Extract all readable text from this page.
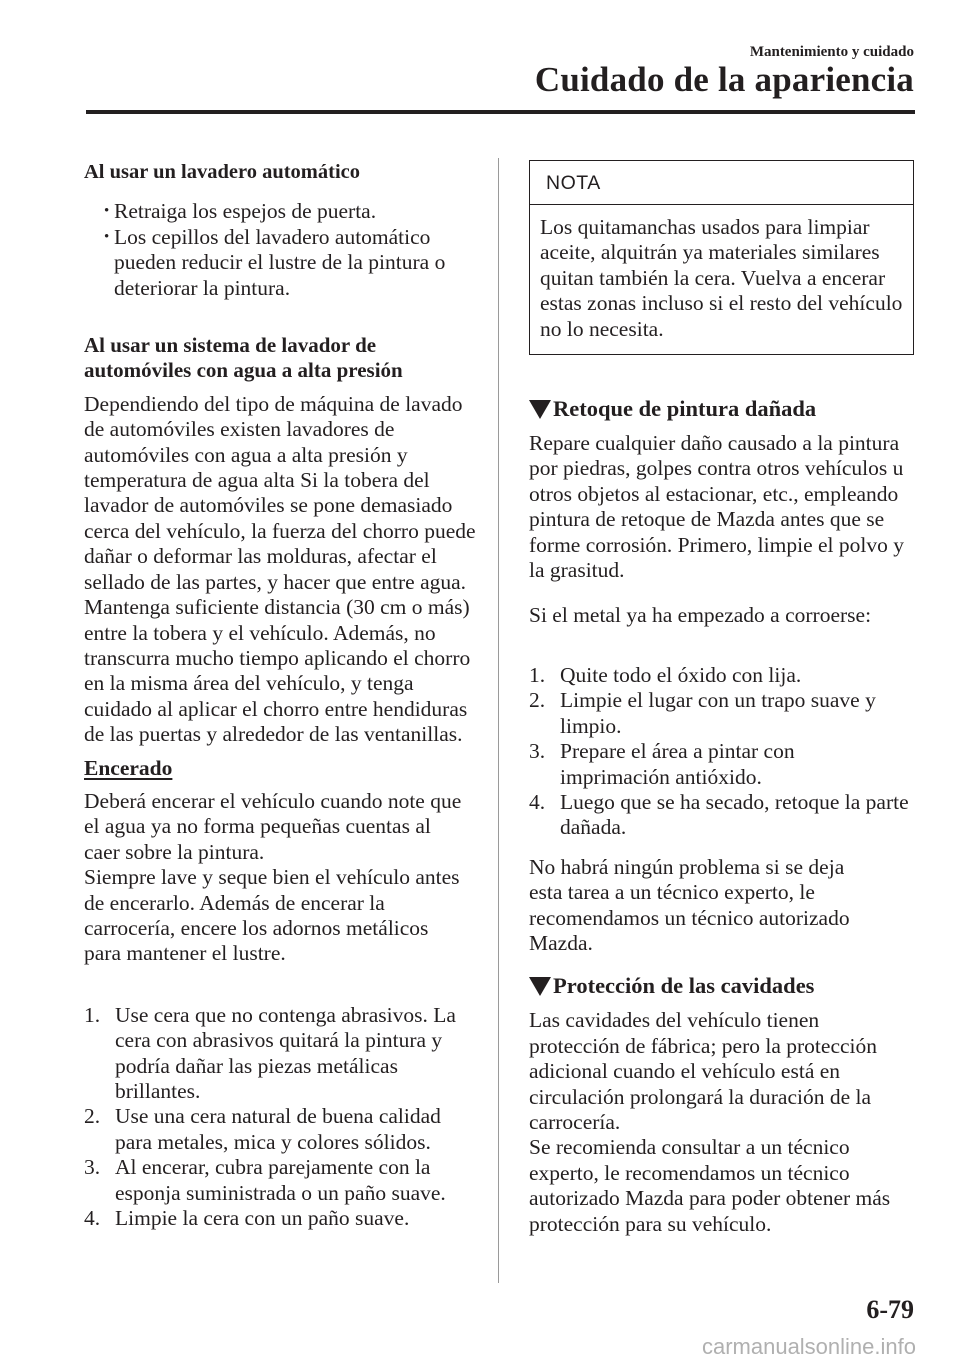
Mantenimiento y cuidado
Cuidado de la apariencia

Al usar un lavadero automático

• Retraiga los espejos de puerta.
• Los cepillos del lavadero automático pueden reducir el lustre de la pintura o deteriorar la pintura.

Al usar un sistema de lavador de

automóviles con agua a alta presión

Dependiendo del tipo de máquina de lavado de automóviles existen lavadores de automóviles con agua a alta presión y temperatura de agua alta Si la tobera del lavador de automóviles se pone demasiado cerca del vehículo, la fuerza del chorro puede dañar o deformar las molduras, afectar el sellado de las partes, y hacer que entre agua. Mantenga suficiente distancia (30 cm o más) entre la tobera y el vehículo. Además, no transcurra mucho tiempo aplicando el chorro en la misma área del vehículo, y tenga cuidado al aplicar el chorro entre hendiduras de las puertas y alrededor de las ventanillas.

Encerado

Deberá encerar el vehículo cuando note que el agua ya no forma pequeñas cuentas al caer sobre la pintura.

Siempre lave y seque bien el vehículo antes de encerarlo. Además de encerar la carrocería, encere los adornos metálicos para mantener el lustre.

1. Use cera que no contenga abrasivos. La cera con abrasivos quitará la pintura y podría dañar las piezas metálicas brillantes.
2. Use una cera natural de buena calidad para metales, mica y colores sólidos.
3. Al encerar, cubra parejamente con la esponja suministrada o un paño suave.
4. Limpie la cera con un paño suave.
NOTA
Los quitamanchas usados para limpiar aceite, alquitrán ya materiales similares quitan también la cera. Vuelva a encerar estas zonas incluso si el resto del vehículo no lo necesita.
Retoque de pintura dañada

Repare cualquier daño causado a la pintura por piedras, golpes contra otros vehículos u otros objetos al estacionar, etc., empleando pintura de retoque de Mazda antes que se forme corrosión. Primero, limpie el polvo y la grasitud.

Si el metal ya ha empezado a corroerse:

1. Quite todo el óxido con lija.
2. Limpie el lugar con un trapo suave y limpio.
3. Prepare el área a pintar con imprimación antióxido.
4. Luego que se ha secado, retoque la parte dañada.

No habrá ningún problema si se deja esta tarea a un técnico experto, le recomendamos un técnico autorizado Mazda.

Protección de las cavidades

Las cavidades del vehículo tienen protección de fábrica; pero la protección adicional cuando el vehículo está en circulación prolongará la duración de la carrocería.

Se recomienda consultar a un técnico experto, le recomendamos un técnico autorizado Mazda para poder obtener más protección para su vehículo.

6-79
carmanualsonline.info
